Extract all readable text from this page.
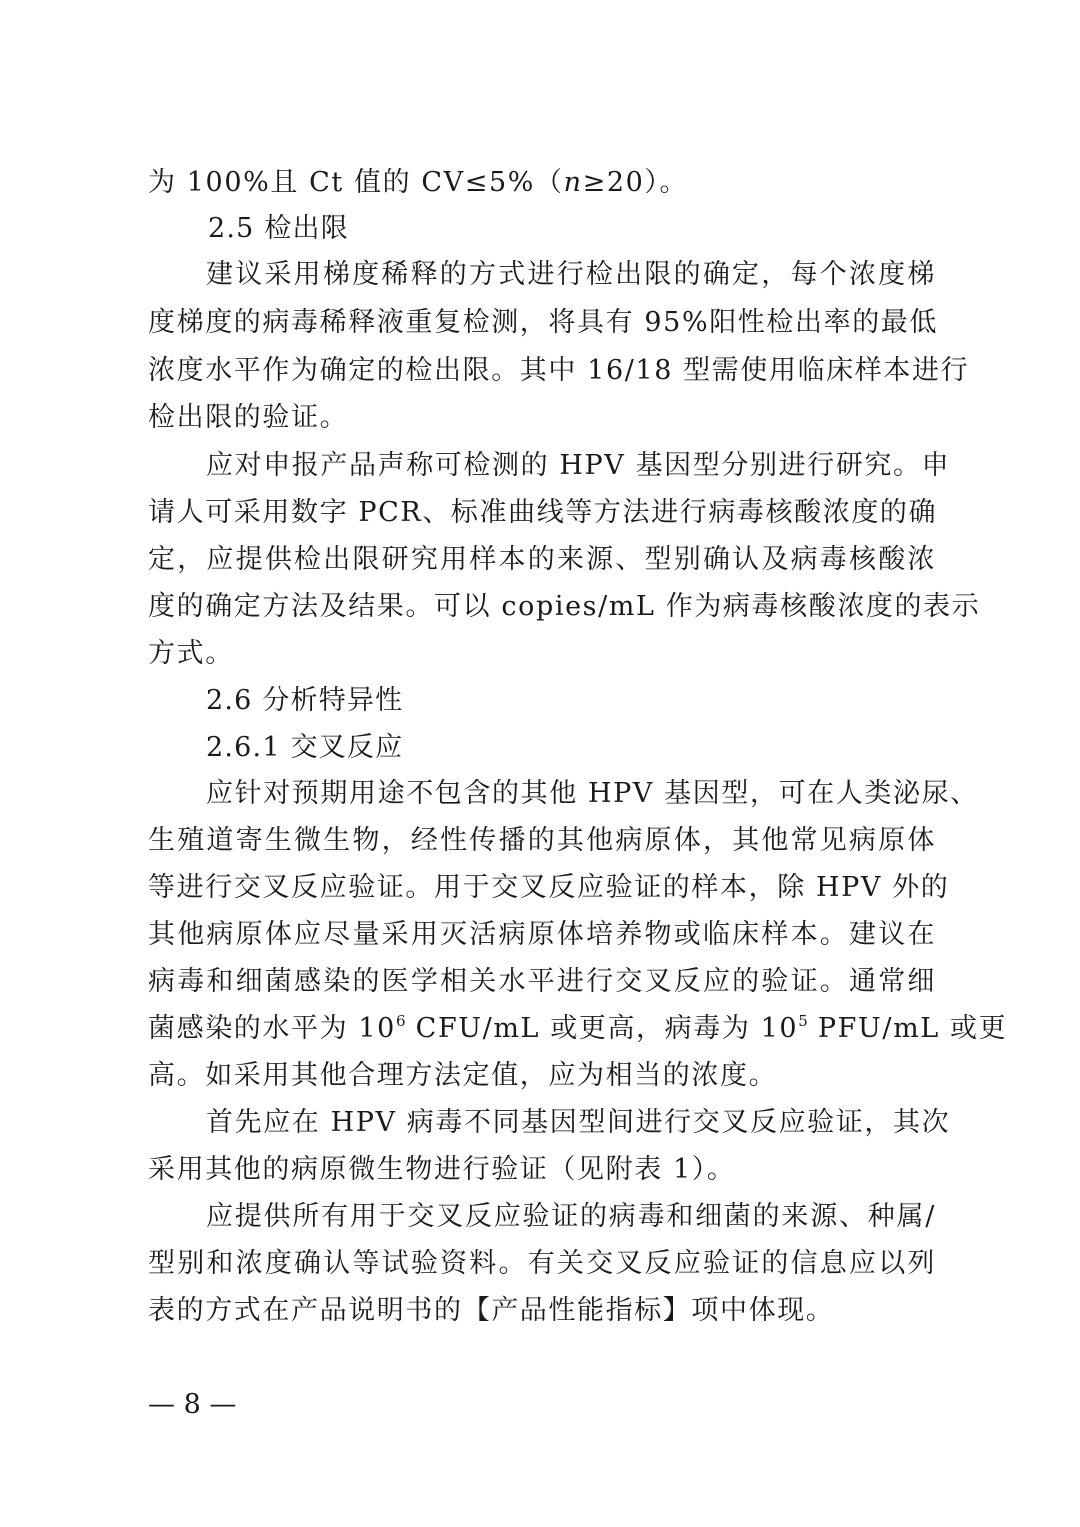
为 100%且 Ct 值的 CV≤5%（n≥20）。
2.5 检出限
建议采用梯度稀释的方式进行检出限的确定，每个浓度梯
度梯度的病毒稀释液重复检测，将具有 95%阳性检出率的最低
浓度水平作为确定的检出限。其中 16/18 型需使用临床样本进行
检出限的验证。
应对申报产品声称可检测的 HPV 基因型分别进行研究。申
请人可采用数字 PCR、标准曲线等方法进行病毒核酸浓度的确
定，应提供检出限研究用样本的来源、型别确认及病毒核酸浓
度的确定方法及结果。可以 copies/mL 作为病毒核酸浓度的表示
方式。
2.6 分析特异性
2.6.1 交叉反应
应针对预期用途不包含的其他 HPV 基因型，可在人类泌尿、
生殖道寄生微生物，经性传播的其他病原体，其他常见病原体
等进行交叉反应验证。用于交叉反应验证的样本，除 HPV 外的
其他病原体应尽量采用灭活病原体培养物或临床样本。建议在
病毒和细菌感染的医学相关水平进行交叉反应的验证。通常细
菌感染的水平为 $10^6$ CFU/mL 或更高，病毒为 $10^5$ PFU/mL 或更
高。如采用其他合理方法定值，应为相当的浓度。
首先应在 HPV 病毒不同基因型间进行交叉反应验证，其次
采用其他的病原微生物进行验证（见附表 1）。
应提供所有用于交叉反应验证的病毒和细菌的来源、种属/
型别和浓度确认等试验资料。有关交叉反应验证的信息应以列
表的方式在产品说明书的【产品性能指标】项中体现。
— 8 —
